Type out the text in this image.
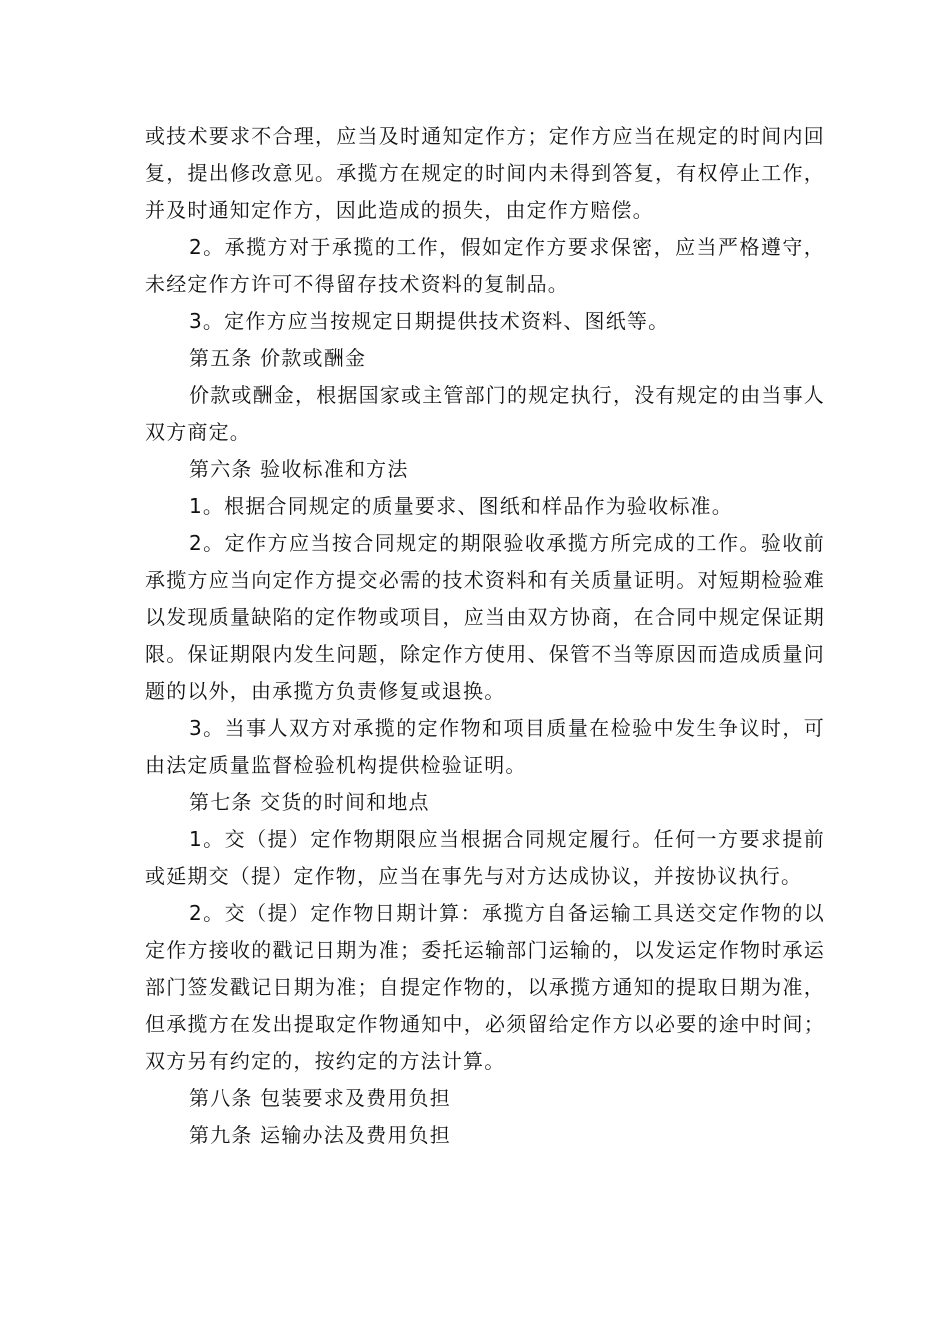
或技术要求不合理，应当及时通知定作方；定作方应当在规定的时间内回复，提出修改意见。承揽方在规定的时间内未得到答复，有权停止工作，并及时通知定作方，因此造成的损失，由定作方赔偿。

2。承揽方对于承揽的工作，假如定作方要求保密，应当严格遵守，未经定作方许可不得留存技术资料的复制品。

3。定作方应当按规定日期提供技术资料、图纸等。

第五条 价款或酬金

价款或酬金，根据国家或主管部门的规定执行，没有规定的由当事人双方商定。

第六条 验收标准和方法

1。根据合同规定的质量要求、图纸和样品作为验收标准。

2。定作方应当按合同规定的期限验收承揽方所完成的工作。验收前承揽方应当向定作方提交必需的技术资料和有关质量证明。对短期检验难以发现质量缺陷的定作物或项目，应当由双方协商，在合同中规定保证期限。保证期限内发生问题，除定作方使用、保管不当等原因而造成质量问题的以外，由承揽方负责修复或退换。

3。当事人双方对承揽的定作物和项目质量在检验中发生争议时，可由法定质量监督检验机构提供检验证明。

第七条 交货的时间和地点

1。交（提）定作物期限应当根据合同规定履行。任何一方要求提前或延期交（提）定作物，应当在事先与对方达成协议，并按协议执行。

2。交（提）定作物日期计算：承揽方自备运输工具送交定作物的以定作方接收的戳记日期为准；委托运输部门运输的，以发运定作物时承运部门签发戳记日期为准；自提定作物的，以承揽方通知的提取日期为准，但承揽方在发出提取定作物通知中，必须留给定作方以必要的途中时间；双方另有约定的，按约定的方法计算。

第八条 包装要求及费用负担

第九条 运输办法及费用负担
